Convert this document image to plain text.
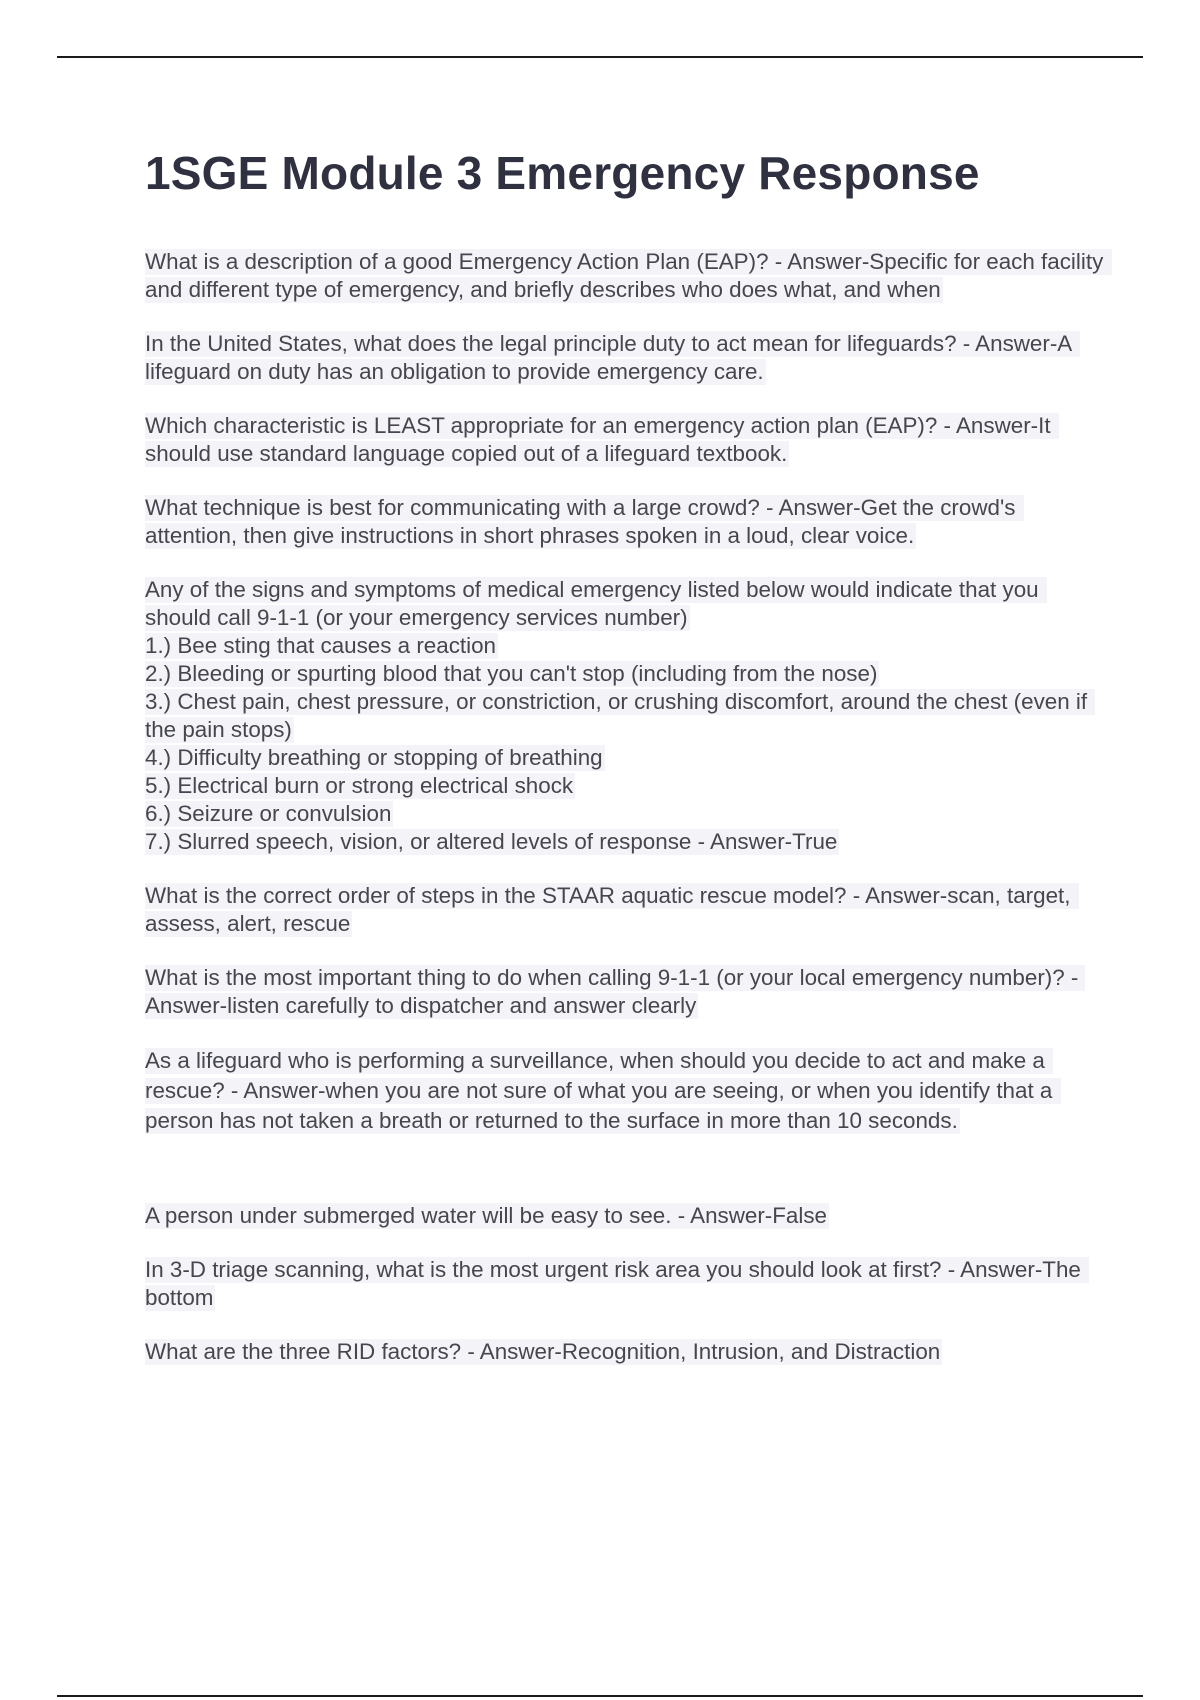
1SGE Module 3 Emergency Response

What is a description of a good Emergency Action Plan (EAP)? - Answer-Specific for each facility and different type of emergency, and briefly describes who does what, and when

In the United States, what does the legal principle duty to act mean for lifeguards? - Answer-A lifeguard on duty has an obligation to provide emergency care.

Which characteristic is LEAST appropriate for an emergency action plan (EAP)? - Answer-It should use standard language copied out of a lifeguard textbook.

What technique is best for communicating with a large crowd? - Answer-Get the crowd's attention, then give instructions in short phrases spoken in a loud, clear voice.

Any of the signs and symptoms of medical emergency listed below would indicate that you should call 9-1-1 (or your emergency services number)
1.) Bee sting that causes a reaction
2.) Bleeding or spurting blood that you can't stop (including from the nose)
3.) Chest pain, chest pressure, or constriction, or crushing discomfort, around the chest (even if the pain stops)
4.) Difficulty breathing or stopping of breathing
5.) Electrical burn or strong electrical shock
6.) Seizure or convulsion
7.) Slurred speech, vision, or altered levels of response - Answer-True

What is the correct order of steps in the STAAR aquatic rescue model? - Answer-scan, target, assess, alert, rescue

What is the most important thing to do when calling 9-1-1 (or your local emergency number)? - Answer-listen carefully to dispatcher and answer clearly

As a lifeguard who is performing a surveillance, when should you decide to act and make a rescue? - Answer-when you are not sure of what you are seeing, or when you identify that a person has not taken a breath or returned to the surface in more than 10 seconds.

A person under submerged water will be easy to see. - Answer-False

In 3-D triage scanning, what is the most urgent risk area you should look at first? - Answer-The bottom

What are the three RID factors? - Answer-Recognition, Intrusion, and Distraction
